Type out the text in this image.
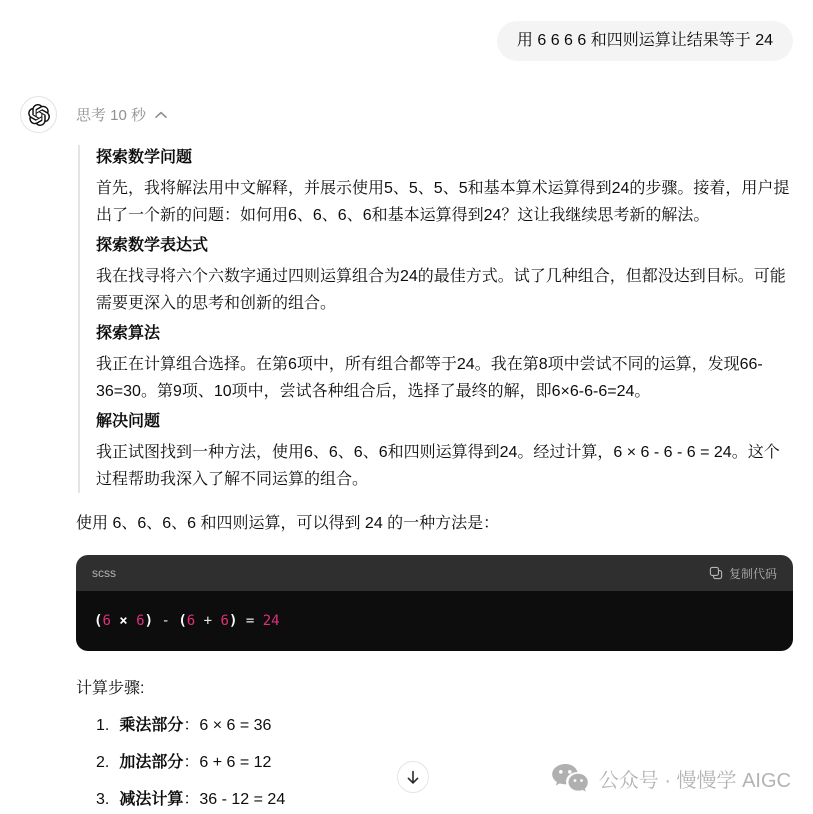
用 6 6 6 6 和四则运算让结果等于 24
思考 10 秒
探索数学问题

首先，我将解法用中文解释，并展示使用5、5、5、5和基本算术运算得到24的步骤。接着，用户提出了一个新的问题：如何用6、6、6、6和基本运算得到24？这让我继续思考新的解法。

探索数学表达式

我在找寻将六个六数字通过四则运算组合为24的最佳方式。试了几种组合，但都没达到目标。可能需要更深入的思考和创新的组合。

探索算法

我正在计算组合选择。在第6项中，所有组合都等于24。我在第8项中尝试不同的运算，发现66-36=30。第9项、10项中，尝试各种组合后，选择了最终的解，即6×6-6-6=24。

解决问题

我正试图找到一种方法，使用6、6、6、6和四则运算得到24。经过计算，6 × 6 - 6 - 6 = 24。这个过程帮助我深入了解不同运算的组合。

使用 6、6、6、6 和四则运算，可以得到 24 的一种方法是：

scss	复制代码
(6 × 6) - (6 + 6) = 24

计算步骤:

1. 乘法部分：6 × 6 = 36
2. 加法部分：6 + 6 = 12
3. 减法计算：36 - 12 = 24
公众号 · 慢慢学 AIGC
